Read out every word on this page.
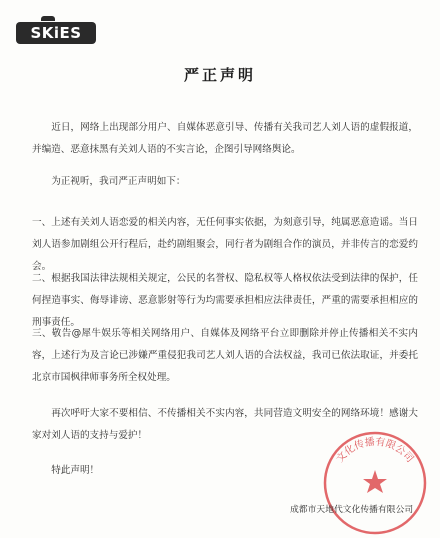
SKiES
严正声明

近日，网络上出现部分用户、自媒体恶意引导、传播有关我司艺人刘人语的虚假报道，并编造、恶意抹黑有关刘人语的不实言论，企图引导网络舆论。

为正视听，我司严正声明如下：

一、上述有关刘人语恋爱的相关内容，无任何事实依据，为刻意引导，纯属恶意造谣。当日刘人语参加剧组公开行程后，赴约剧组聚会，同行者为剧组合作的演员，并非传言的恋爱约会。

二、根据我国法律法规相关规定，公民的名誉权、隐私权等人格权依法受到法律的保护，任何捏造事实、侮辱诽谤、恶意影射等行为均需要承担相应法律责任，严重的需要承担相应的刑事责任。

三、敬告@犀牛娱乐等相关网络用户、自媒体及网络平台立即删除并停止传播相关不实内容，上述行为及言论已涉嫌严重侵犯我司艺人刘人语的合法权益，我司已依法取证，并委托北京市国枫律师事务所全权处理。

再次呼吁大家不要相信、不传播相关不实内容，共同营造文明安全的网络环境！感谢大家对刘人语的支持与爱护！

特此声明！

文化传播有限公司
成都市天地代文化传播有限公司
